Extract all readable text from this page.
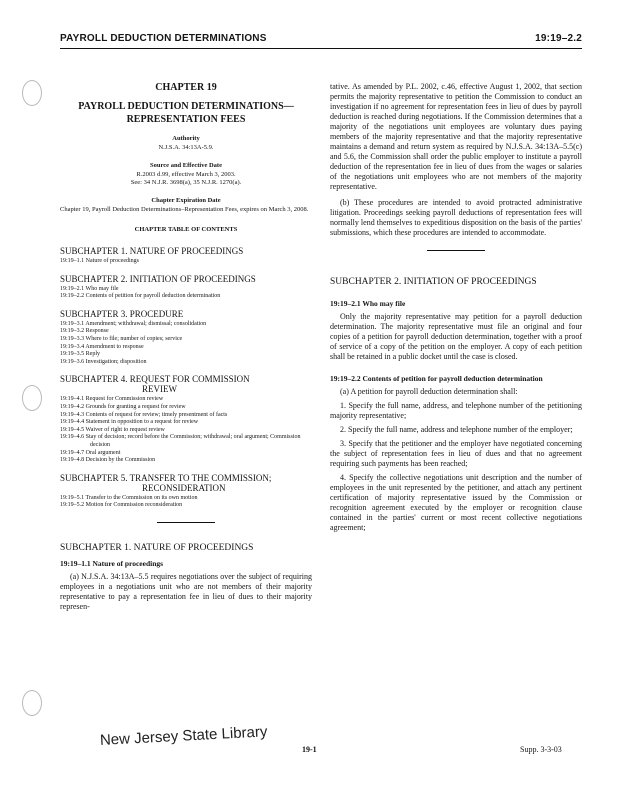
PAYROLL DEDUCTION DETERMINATIONS	19:19–2.2

CHAPTER 19

PAYROLL DEDUCTION DETERMINATIONS— REPRESENTATION FEES

Authority

N.J.S.A. 34:13A-5.9.

Source and Effective Date

R.2003 d.99, effective March 3, 2003.

See: 34 N.J.R. 3698(a), 35 N.J.R. 1270(a).

Chapter Expiration Date

Chapter 19, Payroll Deduction Determinations–Representation Fees, expires on March 3, 2008.

CHAPTER TABLE OF CONTENTS

SUBCHAPTER 1. NATURE OF PROCEEDINGS

19:19–1.1 Nature of proceedings

SUBCHAPTER 2. INITIATION OF PROCEEDINGS

19:19–2.1 Who may file
19:19–2.2 Contents of petition for payroll deduction determination

SUBCHAPTER 3. PROCEDURE

19:19–3.1 Amendment; withdrawal; dismissal; consolidation
19:19–3.2 Response
19:19–3.3 Where to file; number of copies; service
19:19–3.4 Amendment to response
19:19–3.5 Reply
19:19–3.6 Investigation; disposition

SUBCHAPTER 4. REQUEST FOR COMMISSION
REVIEW

19:19–4.1 Request for Commission review
19:19–4.2 Grounds for granting a request for review
19:19–4.3 Contents of request for review; timely presentment of facts
19:19–4.4 Statement in opposition to a request for review
19:19–4.5 Waiver of right to request review
19:19–4.6 Stay of decision; record before the Commission; withdrawal; oral argument; Commission decision
19:19–4.7 Oral argument
19:19–4.8 Decision by the Commission

SUBCHAPTER 5. TRANSFER TO THE COMMISSION;
RECONSIDERATION

19:19–5.1 Transfer to the Commission on its own motion
19:19–5.2 Motion for Commission reconsideration

SUBCHAPTER 1. NATURE OF PROCEEDINGS

19:19–1.1 Nature of proceedings

(a) N.J.S.A. 34:13A–5.5 requires negotiations over the subject of requiring employees in a negotiations unit who are not members of their majority representative to pay a representation fee in lieu of dues to their majority represen-

tative. As amended by P.L. 2002, c.46, effective August 1, 2002, that section permits the majority representative to petition the Commission to conduct an investigation if no agreement for representation fees in lieu of dues by payroll deduction is reached during negotiations. If the Commission determines that a majority of the negotiations unit employees are voluntary dues paying members of the majority representative and that the majority representative maintains a demand and return system as required by N.J.S.A. 34:13A–5.5(c) and 5.6, the Commission shall order the public employer to institute a payroll deduction of the representation fee in lieu of dues from the wages or salaries of the negotiations unit employees who are not members of the majority representative.

(b) These procedures are intended to avoid protracted administrative litigation. Proceedings seeking payroll deductions of representation fees will normally lend themselves to expeditious disposition on the basis of the parties' submissions, which these procedures are intended to accommodate.

SUBCHAPTER 2. INITIATION OF PROCEEDINGS

19:19–2.1 Who may file

Only the majority representative may petition for a payroll deduction determination. The majority representative must file an original and four copies of a petition for payroll deduction determination, together with a proof of service of a copy of the petition on the employer. A copy of each petition shall be retained in a public docket until the case is closed.

19:19–2.2 Contents of petition for payroll deduction determination

(a) A petition for payroll deduction determination shall:

1. Specify the full name, address, and telephone number of the petitioning majority representative;

2. Specify the full name, address and telephone number of the employer;

3. Specify that the petitioner and the employer have negotiated concerning the subject of representation fees in lieu of dues and that no agreement requiring such payments has been reached;

4. Specify the collective negotiations unit description and the number of employees in the unit represented by the petitioner, and attach any pertinent certification of majority representative issued by the Commission or recognition agreement executed by the employer or recognition clause contained in the parties' current or most recent collective negotiations agreement;

New Jersey State Library
19-1	Supp. 3-3-03
